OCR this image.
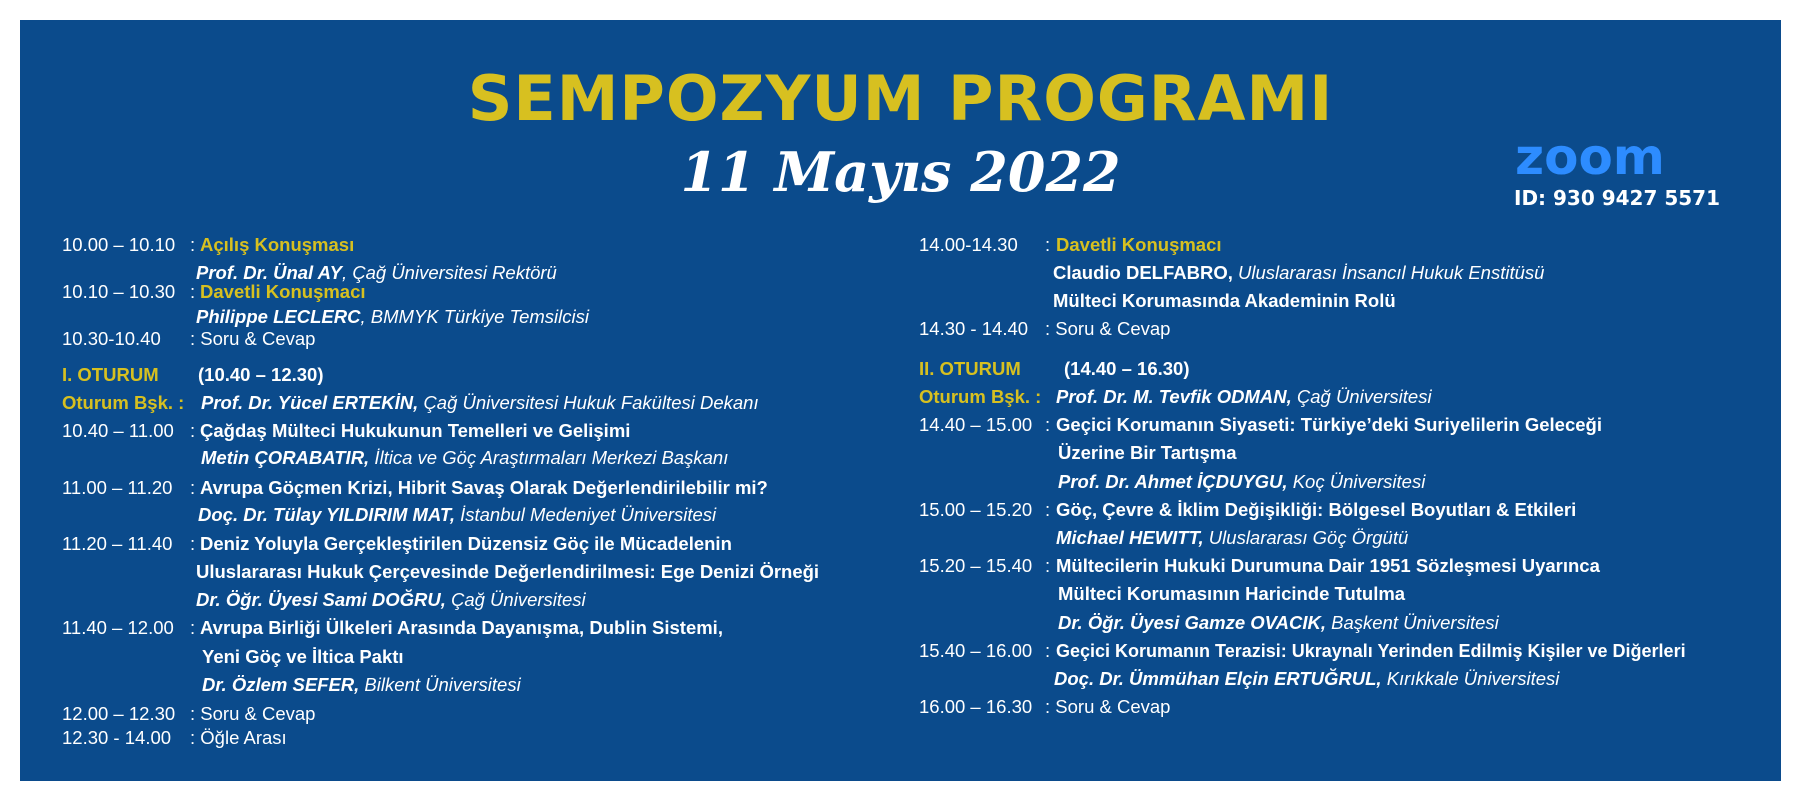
SEMPOZYUM PROGRAMI
11 Mayıs 2022	zoom
ID: 930 9427 5571
10.00 – 10.10 : Açılış Konuşması
Prof. Dr. Ünal AY, Çağ Üniversitesi Rektörü
10.10 – 10.30 : Davetli Konuşmacı
Philippe LECLERC, BMMYK Türkiye Temsilcisi
10.30-10.40 : Soru & Cevap
I. OTURUM (10.40 – 12.30)
Oturum Bşk. : Prof. Dr. Yücel ERTEKİN, Çağ Üniversitesi Hukuk Fakültesi Dekanı
10.40 – 11.00 : Çağdaş Mülteci Hukukunun Temelleri ve Gelişimi
Metin ÇORABATIR, İltica ve Göç Araştırmaları Merkezi Başkanı
11.00 – 11.20 : Avrupa Göçmen Krizi, Hibrit Savaş Olarak Değerlendirilebilir mi?
Doç. Dr. Tülay YILDIRIM MAT, İstanbul Medeniyet Üniversitesi
11.20 – 11.40 : Deniz Yoluyla Gerçekleştirilen Düzensiz Göç ile Mücadelenin
Uluslararası Hukuk Çerçevesinde Değerlendirilmesi: Ege Denizi Örneği
Dr. Öğr. Üyesi Sami DOĞRU, Çağ Üniversitesi
11.40 – 12.00 : Avrupa Birliği Ülkeleri Arasında Dayanışma, Dublin Sistemi,
Yeni Göç ve İltica Paktı
Dr. Özlem SEFER, Bilkent Üniversitesi
12.00 – 12.30 : Soru & Cevap
12.30 - 14.00 : Öğle Arası
14.00-14.30 : Davetli Konuşmacı
Claudio DELFABRO, Uluslararası İnsancıl Hukuk Enstitüsü
Mülteci Korumasında Akademinin Rolü
14.30 - 14.40 : Soru & Cevap
II. OTURUM (14.40 – 16.30)
Oturum Bşk. : Prof. Dr. M. Tevfik ODMAN, Çağ Üniversitesi
14.40 – 15.00 : Geçici Korumanın Siyaseti: Türkiye’deki Suriyelilerin Geleceği
Üzerine Bir Tartışma
Prof. Dr. Ahmet İÇDUYGU, Koç Üniversitesi
15.00 – 15.20 : Göç, Çevre & İklim Değişikliği: Bölgesel Boyutları & Etkileri
Michael HEWITT, Uluslararası Göç Örgütü
15.20 – 15.40 : Mültecilerin Hukuki Durumuna Dair 1951 Sözleşmesi Uyarınca
Mülteci Korumasının Haricinde Tutulma
Dr. Öğr. Üyesi Gamze OVACIK, Başkent Üniversitesi
15.40 – 16.00 : Geçici Korumanın Terazisi: Ukraynalı Yerinden Edilmiş Kişiler ve Diğerleri
Doç. Dr. Ümmühan Elçin ERTUĞRUL, Kırıkkale Üniversitesi
16.00 – 16.30 : Soru & Cevap
